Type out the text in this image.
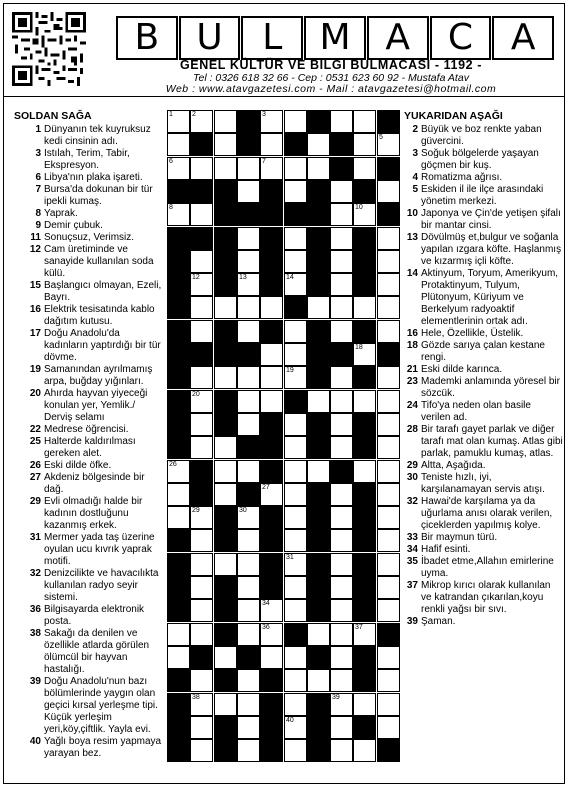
B	U	L	M A	C	A
GENEL KÜLTÜR VE BİLGİ BULMACASI - 1192 -
Tel : 0326 618 32 66 - Cep : 0531 623 60 92 - Mustafa Atav
Web : www.atavgazetesi.com - Mail : atavgazetesi@hotmail.com
SOLDAN SAĞA
1 Dünyanın tek kuyruksuz kedi cinsinin adı.
3 Istılah, Terim, Tabir, Ekspresyon.
6 Libya'nın plaka işareti.
7 Bursa'da dokunan bir tür ipekli kumaş.
8 Yaprak.
9 Demir çubuk.
11 Sonuçsuz, Verimsiz.
12 Cam üretiminde ve sanayide kullanılan soda külü.
15 Başlangıcı olmayan, Ezeli, Bayrı.
16 Elektrik tesisatında kablo dağıtım kutusu.
17 Doğu Anadolu'da kadınların yaptırdığı bir tür dövme.
19 Samanından ayrılmamış arpa, buğday yığınları.
20 Ahırda hayvan yiyeceği konulan yer, Yemlik./ Derviş selamı
22 Medrese öğrencisi.
25 Halterde kaldırılması gereken alet.
26 Eski dilde öfke.
27 Akdeniz bölgesinde bir dağ.
29 Evli olmadığı halde bir kadının dostluğunu kazanmış erkek.
31 Mermer yada taş üzerine oyulan ucu kıvrık yaprak motifi.
32 Denizcilikte ve havacılıkta kullanılan radyo seyir sistemi.
36 Bilgisayarda elektronik posta.
38 Sakağı da denilen ve özellikle atlarda görülen ölümcül bir hayvan hastalığı.
39 Doğu Anadolu'nun bazı bölümlerinde yaygın olan geçici kırsal yerleşme tipi. Küçük yerleşim yeri,köy,çiftlik. Yayla evi.
40 Yağlı boya resim yapmaya yarayan bez.
1	2	3
5
6	7
8	10
12	13	14
18
19
20
26
27
29	30
31
34
36	37
38	39
40
YUKARIDAN AŞAĞI
2 Büyük ve boz renkte yaban güvercini.
3 Soğuk bölgelerde yaşayan göçmen bir kuş.
4 Romatizma ağrısı.
5 Eskiden il ile ilçe arasındaki yönetim merkezi.
10 Japonya ve Çin'de yetişen şifalı bir mantar cinsi.
13 Dövülmüş et,bulgur ve soğanla yapılan ızgara köfte. Haşlanmış ve kızarmış içli köfte.
14 Aktinyum, Toryum, Amerikyum, Protaktinyum, Tulyum, Plütonyum, Küriyum ve Berkelyum radyoaktif elementlerinin ortak adı.
16 Hele, Özellikle, Üstelik.
18 Gözde sarıya çalan kestane rengi.
21 Eski dilde karınca.
23 Mademki anlamında yöresel bir sözcük.
24 Tifo'ya neden olan basile verilen ad.
28 Bir tarafı gayet parlak ve diğer tarafı mat olan kumaş. Atlas gibi parlak, pamuklu kumaş, atlas.
29 Altta, Aşağıda.
30 Teniste hızlı, iyi, karşılanamayan servis atışı.
32 Hawai'de karşılama ya da uğurlama anısı olarak verilen, çiceklerden yapılmış kolye.
33 Bir maymun türü.
34 Hafif esinti.
35 İbadet etme,Allahın emirlerine uyma.
37 Mikrop kırıcı olarak kullanılan ve katrandan çıkarılan,koyu renkli yağsı bir sıvı.
39 Şaman.
